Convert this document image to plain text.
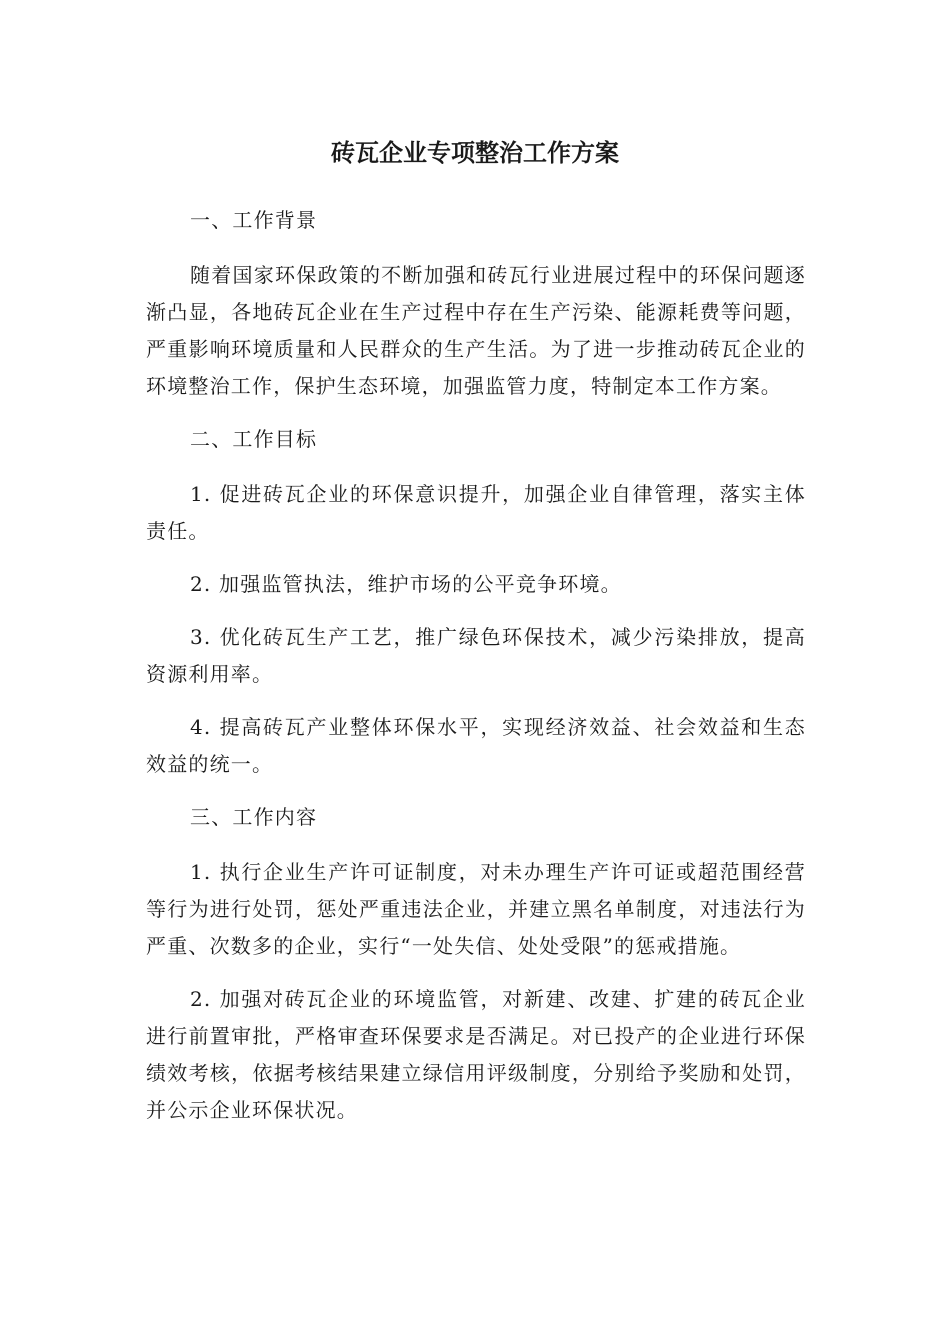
砖瓦企业专项整治工作方案

一、工作背景

随着国家环保政策的不断加强和砖瓦行业进展过程中的环保问题逐渐凸显，各地砖瓦企业在生产过程中存在生产污染、能源耗费等问题，严重影响环境质量和人民群众的生产生活。为了进一步推动砖瓦企业的环境整治工作，保护生态环境，加强监管力度，特制定本工作方案。

二、工作目标

1. 促进砖瓦企业的环保意识提升，加强企业自律管理，落实主体责任。

2. 加强监管执法，维护市场的公平竞争环境。

3. 优化砖瓦生产工艺，推广绿色环保技术，减少污染排放，提高资源利用率。

4. 提高砖瓦产业整体环保水平，实现经济效益、社会效益和生态效益的统一。

三、工作内容

1. 执行企业生产许可证制度，对未办理生产许可证或超范围经营等行为进行处罚，惩处严重违法企业，并建立黑名单制度，对违法行为严重、次数多的企业，实行“一处失信、处处受限”的惩戒措施。

2. 加强对砖瓦企业的环境监管，对新建、改建、扩建的砖瓦企业进行前置审批，严格审查环保要求是否满足。对已投产的企业进行环保绩效考核，依据考核结果建立绿信用评级制度，分别给予奖励和处罚，并公示企业环保状况。
